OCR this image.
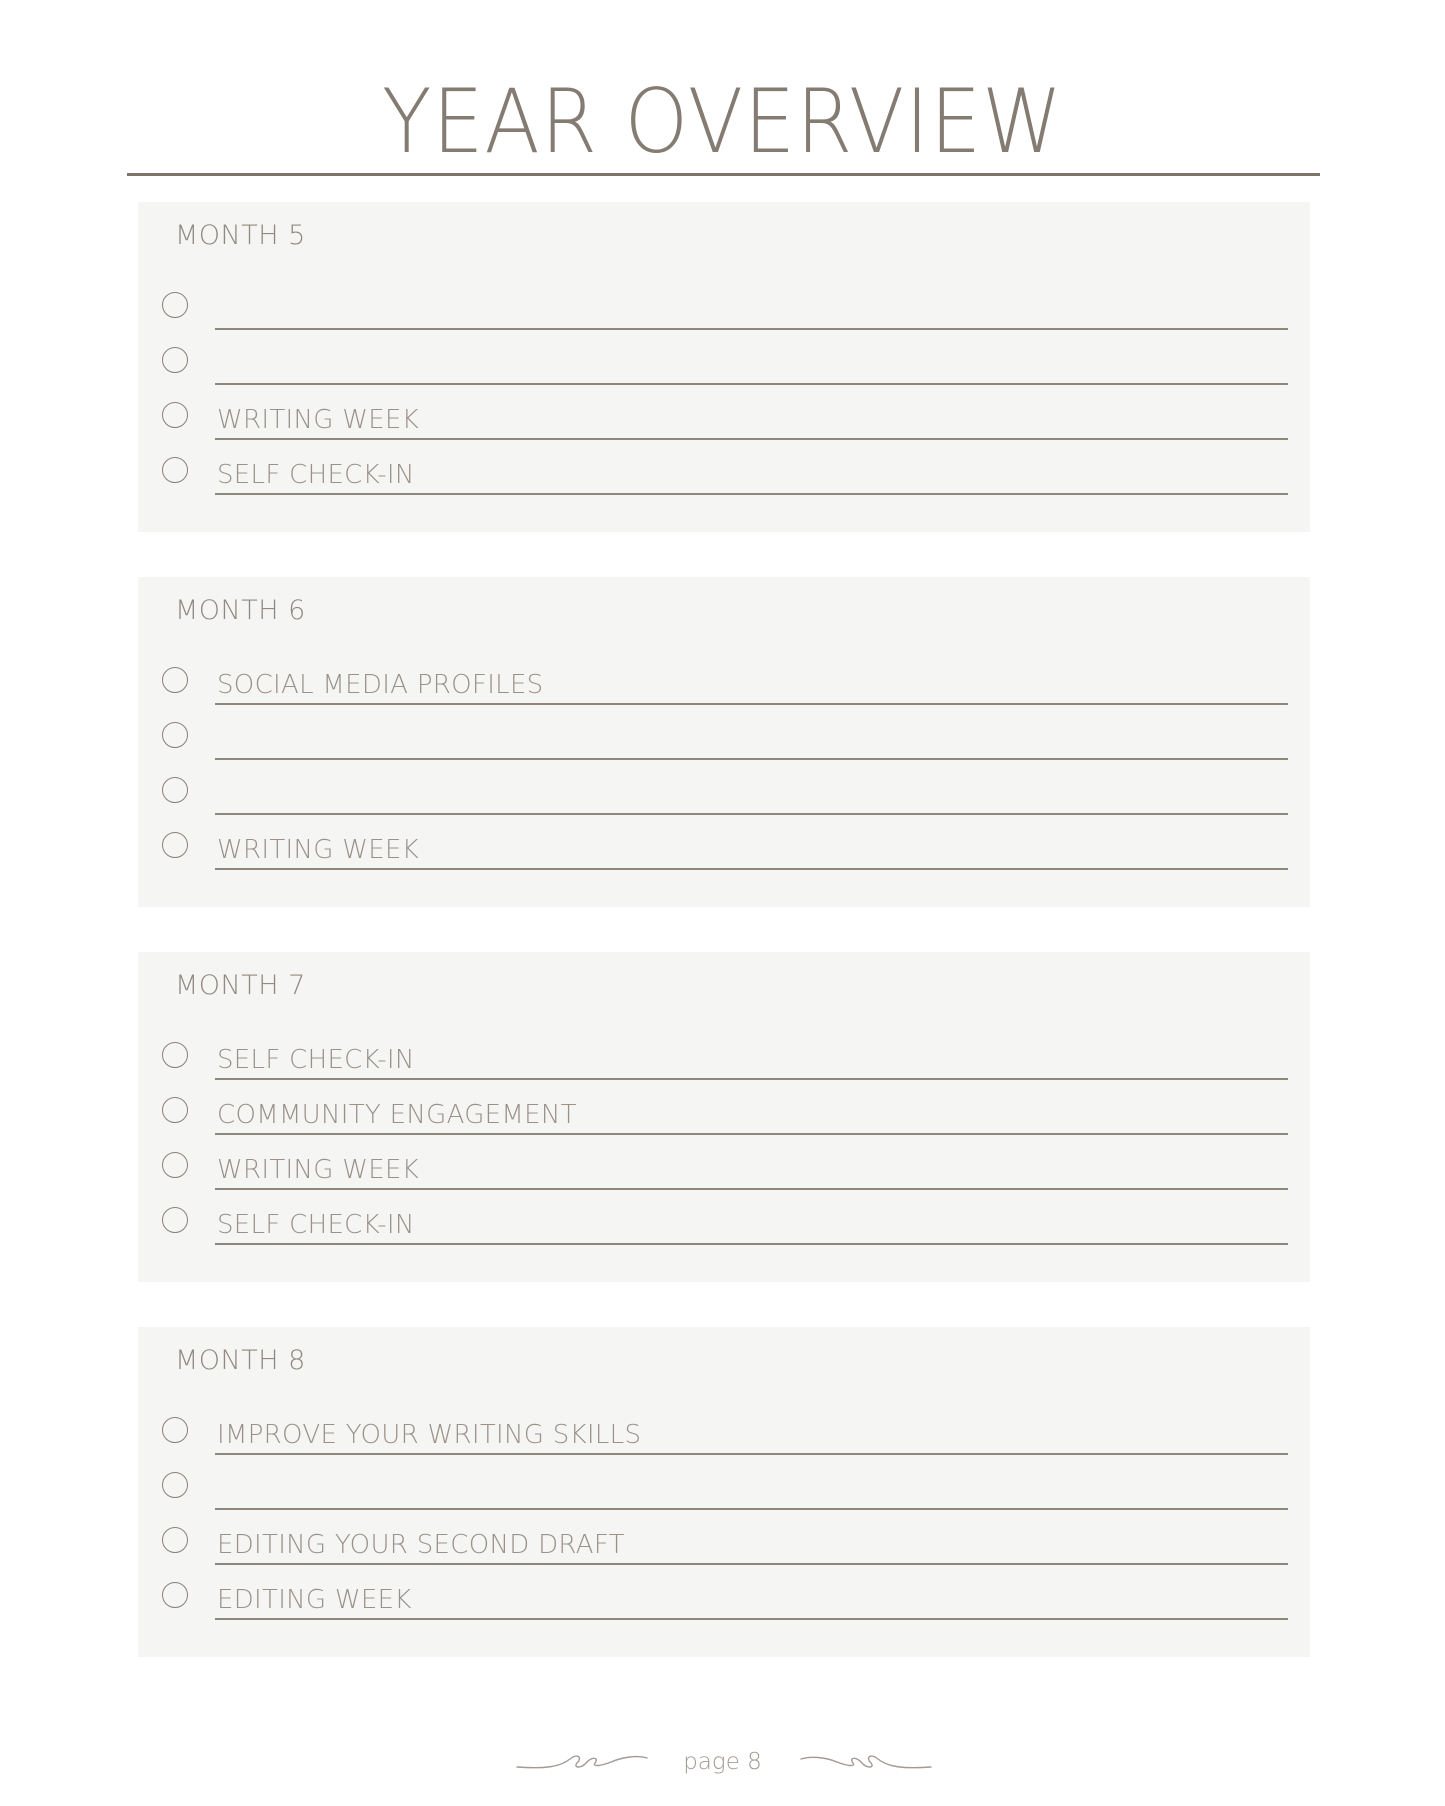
YEAR OVERVIEW
MONTH 5
WRITING WEEK
SELF CHECK-IN
MONTH 6
SOCIAL MEDIA PROFILES
WRITING WEEK
MONTH 7
SELF CHECK-IN
COMMUNITY ENGAGEMENT
WRITING WEEK
SELF CHECK-IN
MONTH 8
IMPROVE YOUR WRITING SKILLS
EDITING YOUR SECOND DRAFT
EDITING WEEK
page 8
